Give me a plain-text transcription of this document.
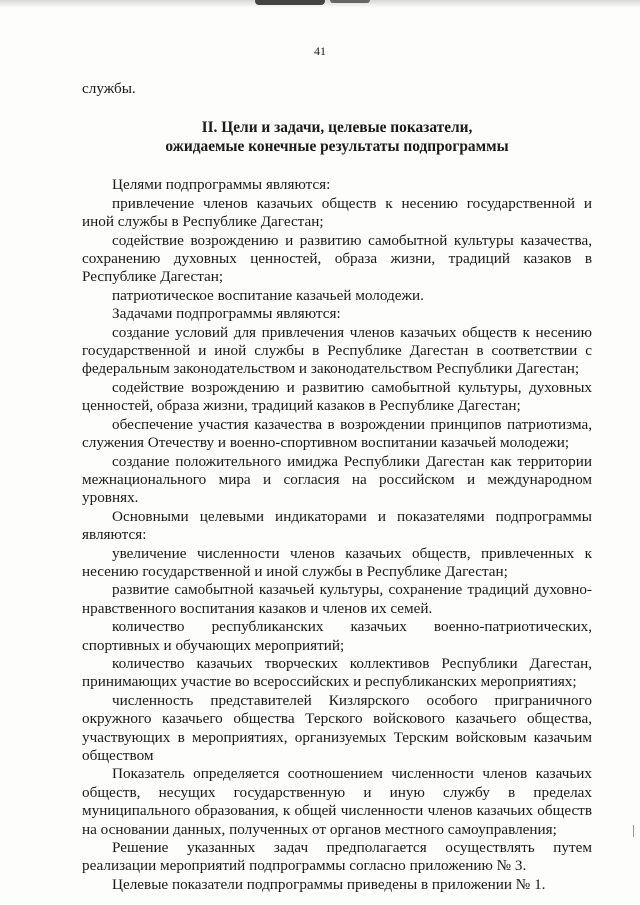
41

службы.

II. Цели и задачи, целевые показатели,
ожидаемые конечные результаты подпрограммы

Целями подпрограммы являются:

привлечение членов казачьих обществ к несению государственной и иной службы в Республике Дагестан;

содействие возрождению и развитию самобытной культуры казачества, сохранению духовных ценностей, образа жизни, традиций казаков в Республике Дагестан;

патриотическое воспитание казачьей молодежи.

Задачами подпрограммы являются:

создание условий для привлечения членов казачьих обществ к несению государственной и иной службы в Республике Дагестан в соответствии с федеральным законодательством и законодательством Республики Дагестан;

содействие возрождению и развитию самобытной культуры, духовных ценностей, образа жизни, традиций казаков в Республике Дагестан;

обеспечение участия казачества в возрождении принципов патриотизма, служения Отечеству и военно-спортивном воспитании казачьей молодежи;

создание положительного имиджа Республики Дагестан как территории межнационального мира и согласия на российском и международном уровнях.

Основными целевыми индикаторами и показателями подпрограммы являются:

увеличение численности членов казачьих обществ, привлеченных к несению государственной и иной службы в Республике Дагестан;

развитие самобытной казачьей культуры, сохранение традиций духовно-нравственного воспитания казаков и членов их семей.

количество республиканских казачьих военно-патриотических, спортивных и обучающих мероприятий;

количество казачьих творческих коллективов Республики Дагестан, принимающих участие во всероссийских и республиканских мероприятиях;

численность представителей Кизлярского особого приграничного окружного казачьего общества Терского войскового казачьего общества, участвующих в мероприятиях, организуемых Терским войсковым казачьим обществом

Показатель определяется соотношением численности членов казачьих обществ, несущих государственную и иную службу в пределах муниципального образования, к общей численности членов казачьих обществ на основании данных, полученных от органов местного самоуправления;

Решение указанных задач предполагается осуществлять путем реализации мероприятий подпрограммы согласно приложению № 3.

Целевые показатели подпрограммы приведены в приложении № 1.
